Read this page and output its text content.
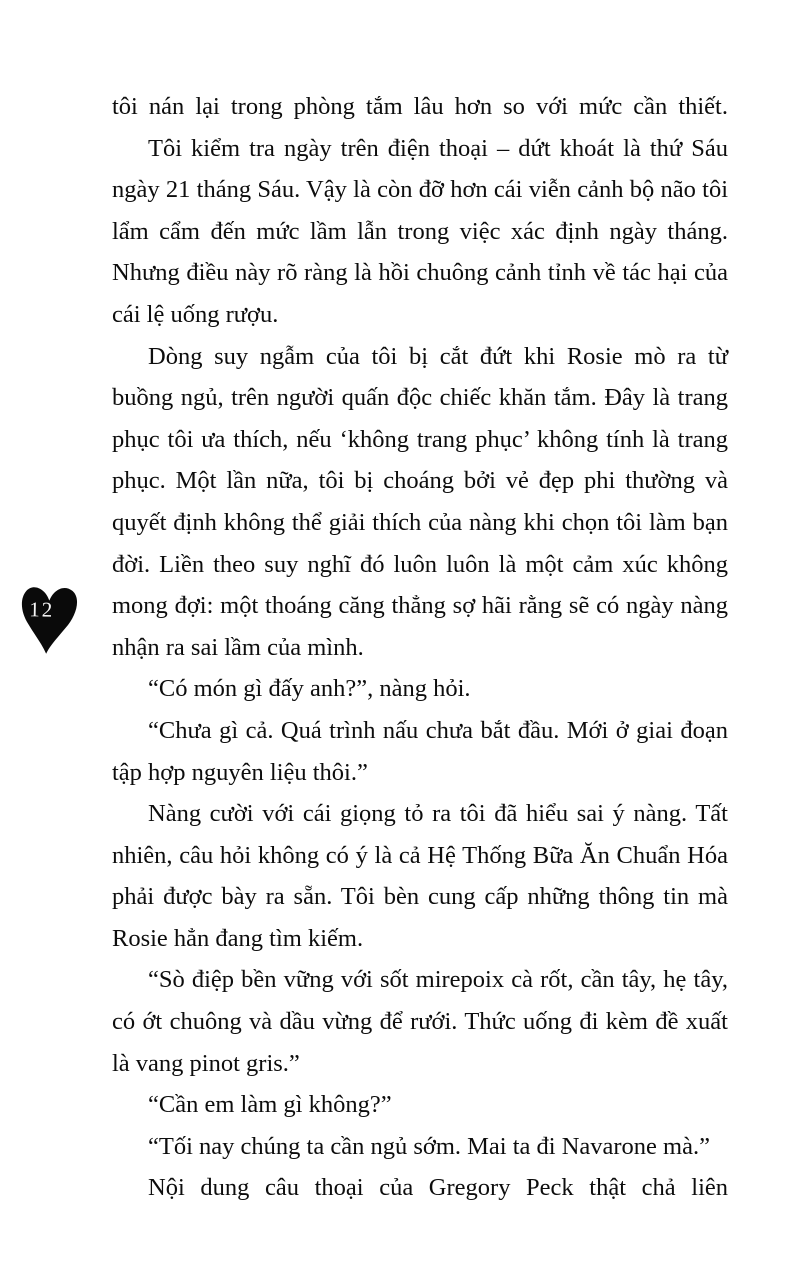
12

tôi nán lại trong phòng tắm lâu hơn so với mức cần thiết.

Tôi kiểm tra ngày trên điện thoại – dứt khoát là thứ Sáu ngày 21 tháng Sáu. Vậy là còn đỡ hơn cái viễn cảnh bộ não tôi lẩm cẩm đến mức lầm lẫn trong việc xác định ngày tháng. Nhưng điều này rõ ràng là hồi chuông cảnh tỉnh về tác hại của cái lệ uống rượu.

Dòng suy ngẫm của tôi bị cắt đứt khi Rosie mò ra từ buồng ngủ, trên người quấn độc chiếc khăn tắm. Đây là trang phục tôi ưa thích, nếu ‘không trang phục’ không tính là trang phục. Một lần nữa, tôi bị choáng bởi vẻ đẹp phi thường và quyết định không thể giải thích của nàng khi chọn tôi làm bạn đời. Liền theo suy nghĩ đó luôn luôn là một cảm xúc không mong đợi: một thoáng căng thẳng sợ hãi rằng sẽ có ngày nàng nhận ra sai lầm của mình.

“Có món gì đấy anh?”, nàng hỏi.

“Chưa gì cả. Quá trình nấu chưa bắt đầu. Mới ở giai đoạn tập hợp nguyên liệu thôi.”

Nàng cười với cái giọng tỏ ra tôi đã hiểu sai ý nàng. Tất nhiên, câu hỏi không có ý là cả Hệ Thống Bữa Ăn Chuẩn Hóa phải được bày ra sẵn. Tôi bèn cung cấp những thông tin mà Rosie hẳn đang tìm kiếm.

“Sò điệp bền vững với sốt mirepoix cà rốt, cần tây, hẹ tây, có ớt chuông và dầu vừng để rưới. Thức uống đi kèm đề xuất là vang pinot gris.”

“Cần em làm gì không?”

“Tối nay chúng ta cần ngủ sớm. Mai ta đi Navarone mà.”

Nội dung câu thoại của Gregory Peck thật chả liên
